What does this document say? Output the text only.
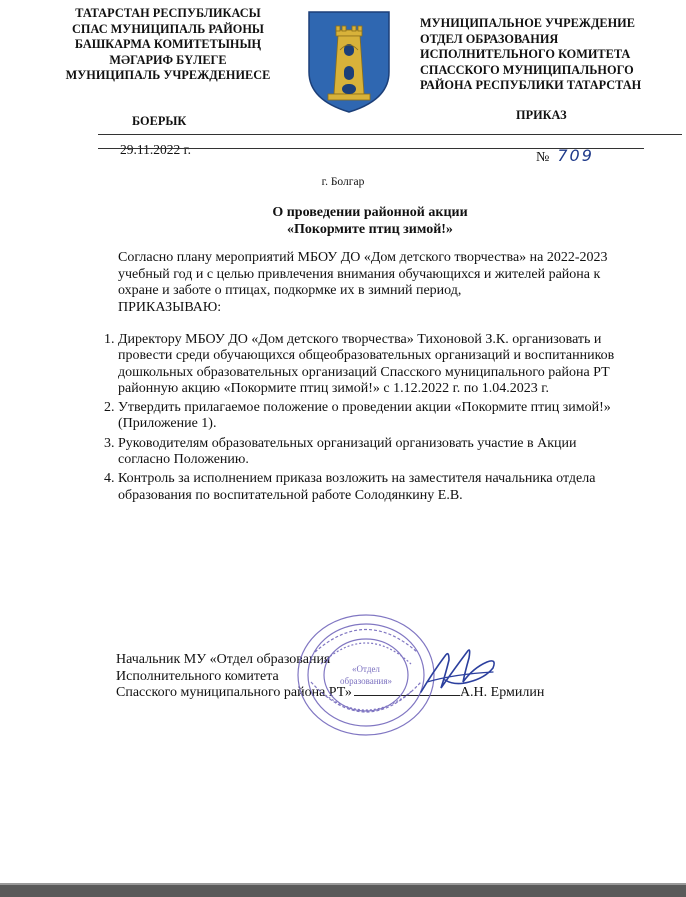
ТАТАРСТАН РЕСПУБЛИКАСЫ
СПАС МУНИЦИПАЛЬ РАЙОНЫ
БАШКАРМА КОМИТЕТЫНЫҢ
МӘГАРИФ БҮЛЕГЕ
МУНИЦИПАЛЬ УЧРЕЖДЕНИЕСЕ
МУНИЦИПАЛЬНОЕ УЧРЕЖДЕНИЕ
ОТДЕЛ ОБРАЗОВАНИЯ
ИСПОЛНИТЕЛЬНОГО КОМИТЕТА
СПАССКОГО МУНИЦИПАЛЬНОГО
РАЙОНА РЕСПУБЛИКИ ТАТАРСТАН
БОЕРЫК	ПРИКАЗ
29.11.2022 г.
№ 709
г. Болгар
О проведении районной акции
«Покормите птиц зимой!»

Согласно плану мероприятий МБОУ ДО «Дом детского творчества» на 2022-2023 учебный год и с целью привлечения внимания обучающихся и жителей района к охране и заботе о птицах, подкормке их в зимний период,

ПРИКАЗЫВАЮ:

1. Директору МБОУ ДО «Дом детского творчества» Тихоновой З.К. организовать и провести среди обучающихся общеобразовательных организаций и воспитанников дошкольных образовательных организаций Спасского муниципального района РТ районную акцию «Покормите птиц зимой!» с 1.12.2022 г. по 1.04.2023 г.
2. Утвердить прилагаемое положение о проведении акции «Покормите птиц зимой!» (Приложение 1).
3. Руководителям образовательных организаций организовать участие в Акции согласно Положению.
4. Контроль за исполнением приказа возложить на заместителя начальника отдела образования по воспитательной работе Солодянкину Е.В.
Начальник МУ «Отдел образования
Исполнительного комитета
Спасского муниципального района РТ»	А.Н. Ермилин
«Отдел
образования»
